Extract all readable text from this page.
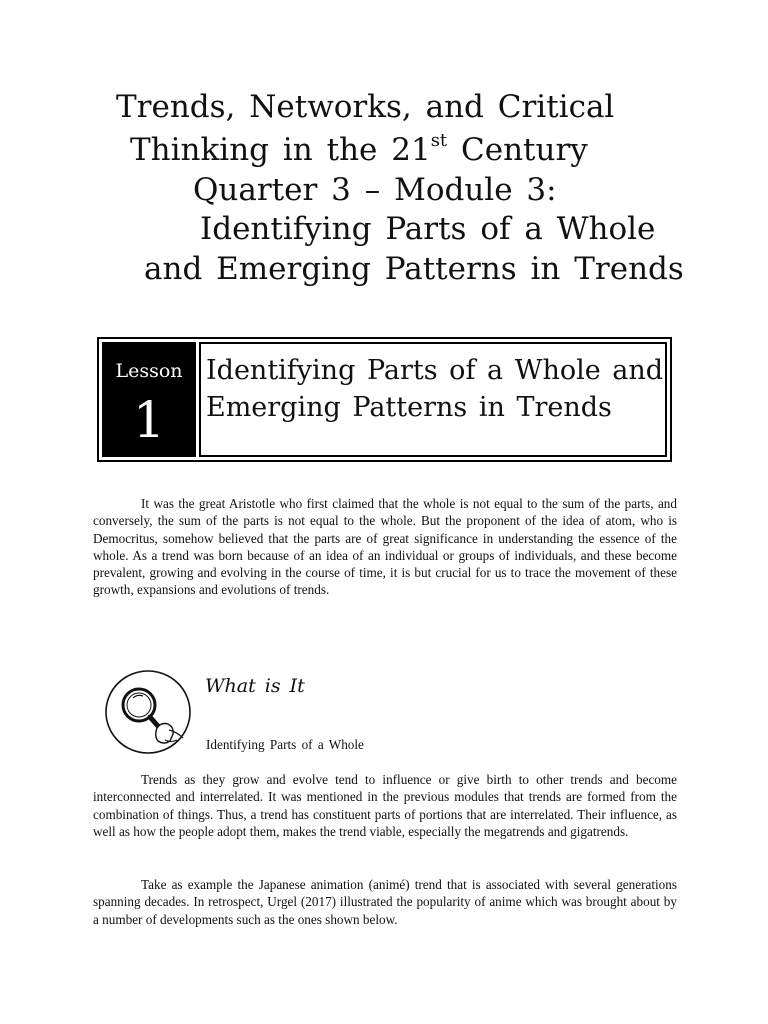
Trends, Networks, and Critical
Thinking in the 21st Century
Quarter 3 – Module 3:
Identifying Parts of a Whole
and Emerging Patterns in Trends
Lesson
1
Identifying Parts of a Whole and Emerging Patterns in Trends

It was the great Aristotle who first claimed that the whole is not equal to the sum of the parts, and conversely, the sum of the parts is not equal to the whole. But the proponent of the idea of atom, who is Democritus, somehow believed that the parts are of great significance in understanding the essence of the whole. As a trend was born because of an idea of an individual or groups of individuals, and these become prevalent, growing and evolving in the course of time, it is but crucial for us to trace the movement of these growth, expansions and evolutions of trends.

What is It
Identifying Parts of a Whole

Trends as they grow and evolve tend to influence or give birth to other trends and become interconnected and interrelated. It was mentioned in the previous modules that trends are formed from the combination of things. Thus, a trend has constituent parts of portions that are interrelated. Their influence, as well as how the people adopt them, makes the trend viable, especially the megatrends and gigatrends.

Take as example the Japanese animation (animé) trend that is associated with several generations spanning decades. In retrospect, Urgel (2017) illustrated the popularity of anime which was brought about by a number of developments such as the ones shown below.
